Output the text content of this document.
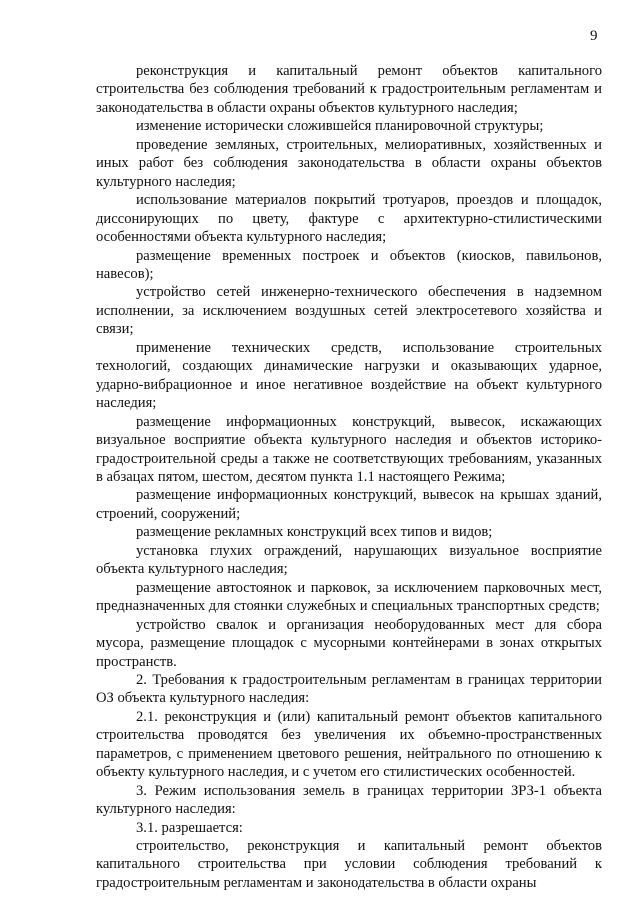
9

реконструкция и капитальный ремонт объектов капитального строительства без соблюдения требований к градостроительным регламентам и законодательства в области охраны объектов культурного наследия;

изменение исторически сложившейся планировочной структуры;

проведение земляных, строительных, мелиоративных, хозяйственных и иных работ без соблюдения законодательства в области охраны объектов культурного наследия;

использование материалов покрытий тротуаров, проездов и площадок, диссонирующих по цвету, фактуре с архитектурно-стилистическими особенностями объекта культурного наследия;

размещение временных построек и объектов (киосков, павильонов, навесов);

устройство сетей инженерно-технического обеспечения в надземном исполнении, за исключением воздушных сетей электросетевого хозяйства и связи;

применение технических средств, использование строительных технологий, создающих динамические нагрузки и оказывающих ударное, ударно-вибрационное и иное негативное воздействие на объект культурного наследия;

размещение информационных конструкций, вывесок, искажающих визуальное восприятие объекта культурного наследия и объектов историко-градостроительной среды а также не соответствующих требованиям, указанных в абзацах пятом, шестом, десятом пункта 1.1 настоящего Режима;

размещение информационных конструкций, вывесок на крышах зданий, строений, сооружений;

размещение рекламных конструкций всех типов и видов;

установка глухих ограждений, нарушающих визуальное восприятие объекта культурного наследия;

размещение автостоянок и парковок, за исключением парковочных мест, предназначенных для стоянки служебных и специальных транспортных средств;

устройство свалок и организация необорудованных мест для сбора мусора, размещение площадок с мусорными контейнерами в зонах открытых пространств.

2. Требования к градостроительным регламентам в границах территории ОЗ объекта культурного наследия:

2.1. реконструкция и (или) капитальный ремонт объектов капитального строительства проводятся без увеличения их объемно-пространственных параметров, с применением цветового решения, нейтрального по отношению к объекту культурного наследия, и с учетом его стилистических особенностей.

3. Режим использования земель в границах территории ЗРЗ-1 объекта культурного наследия:

3.1. разрешается:

строительство, реконструкция и капитальный ремонт объектов капитального строительства при условии соблюдения требований к градостроительным регламентам и законодательства в области охраны
